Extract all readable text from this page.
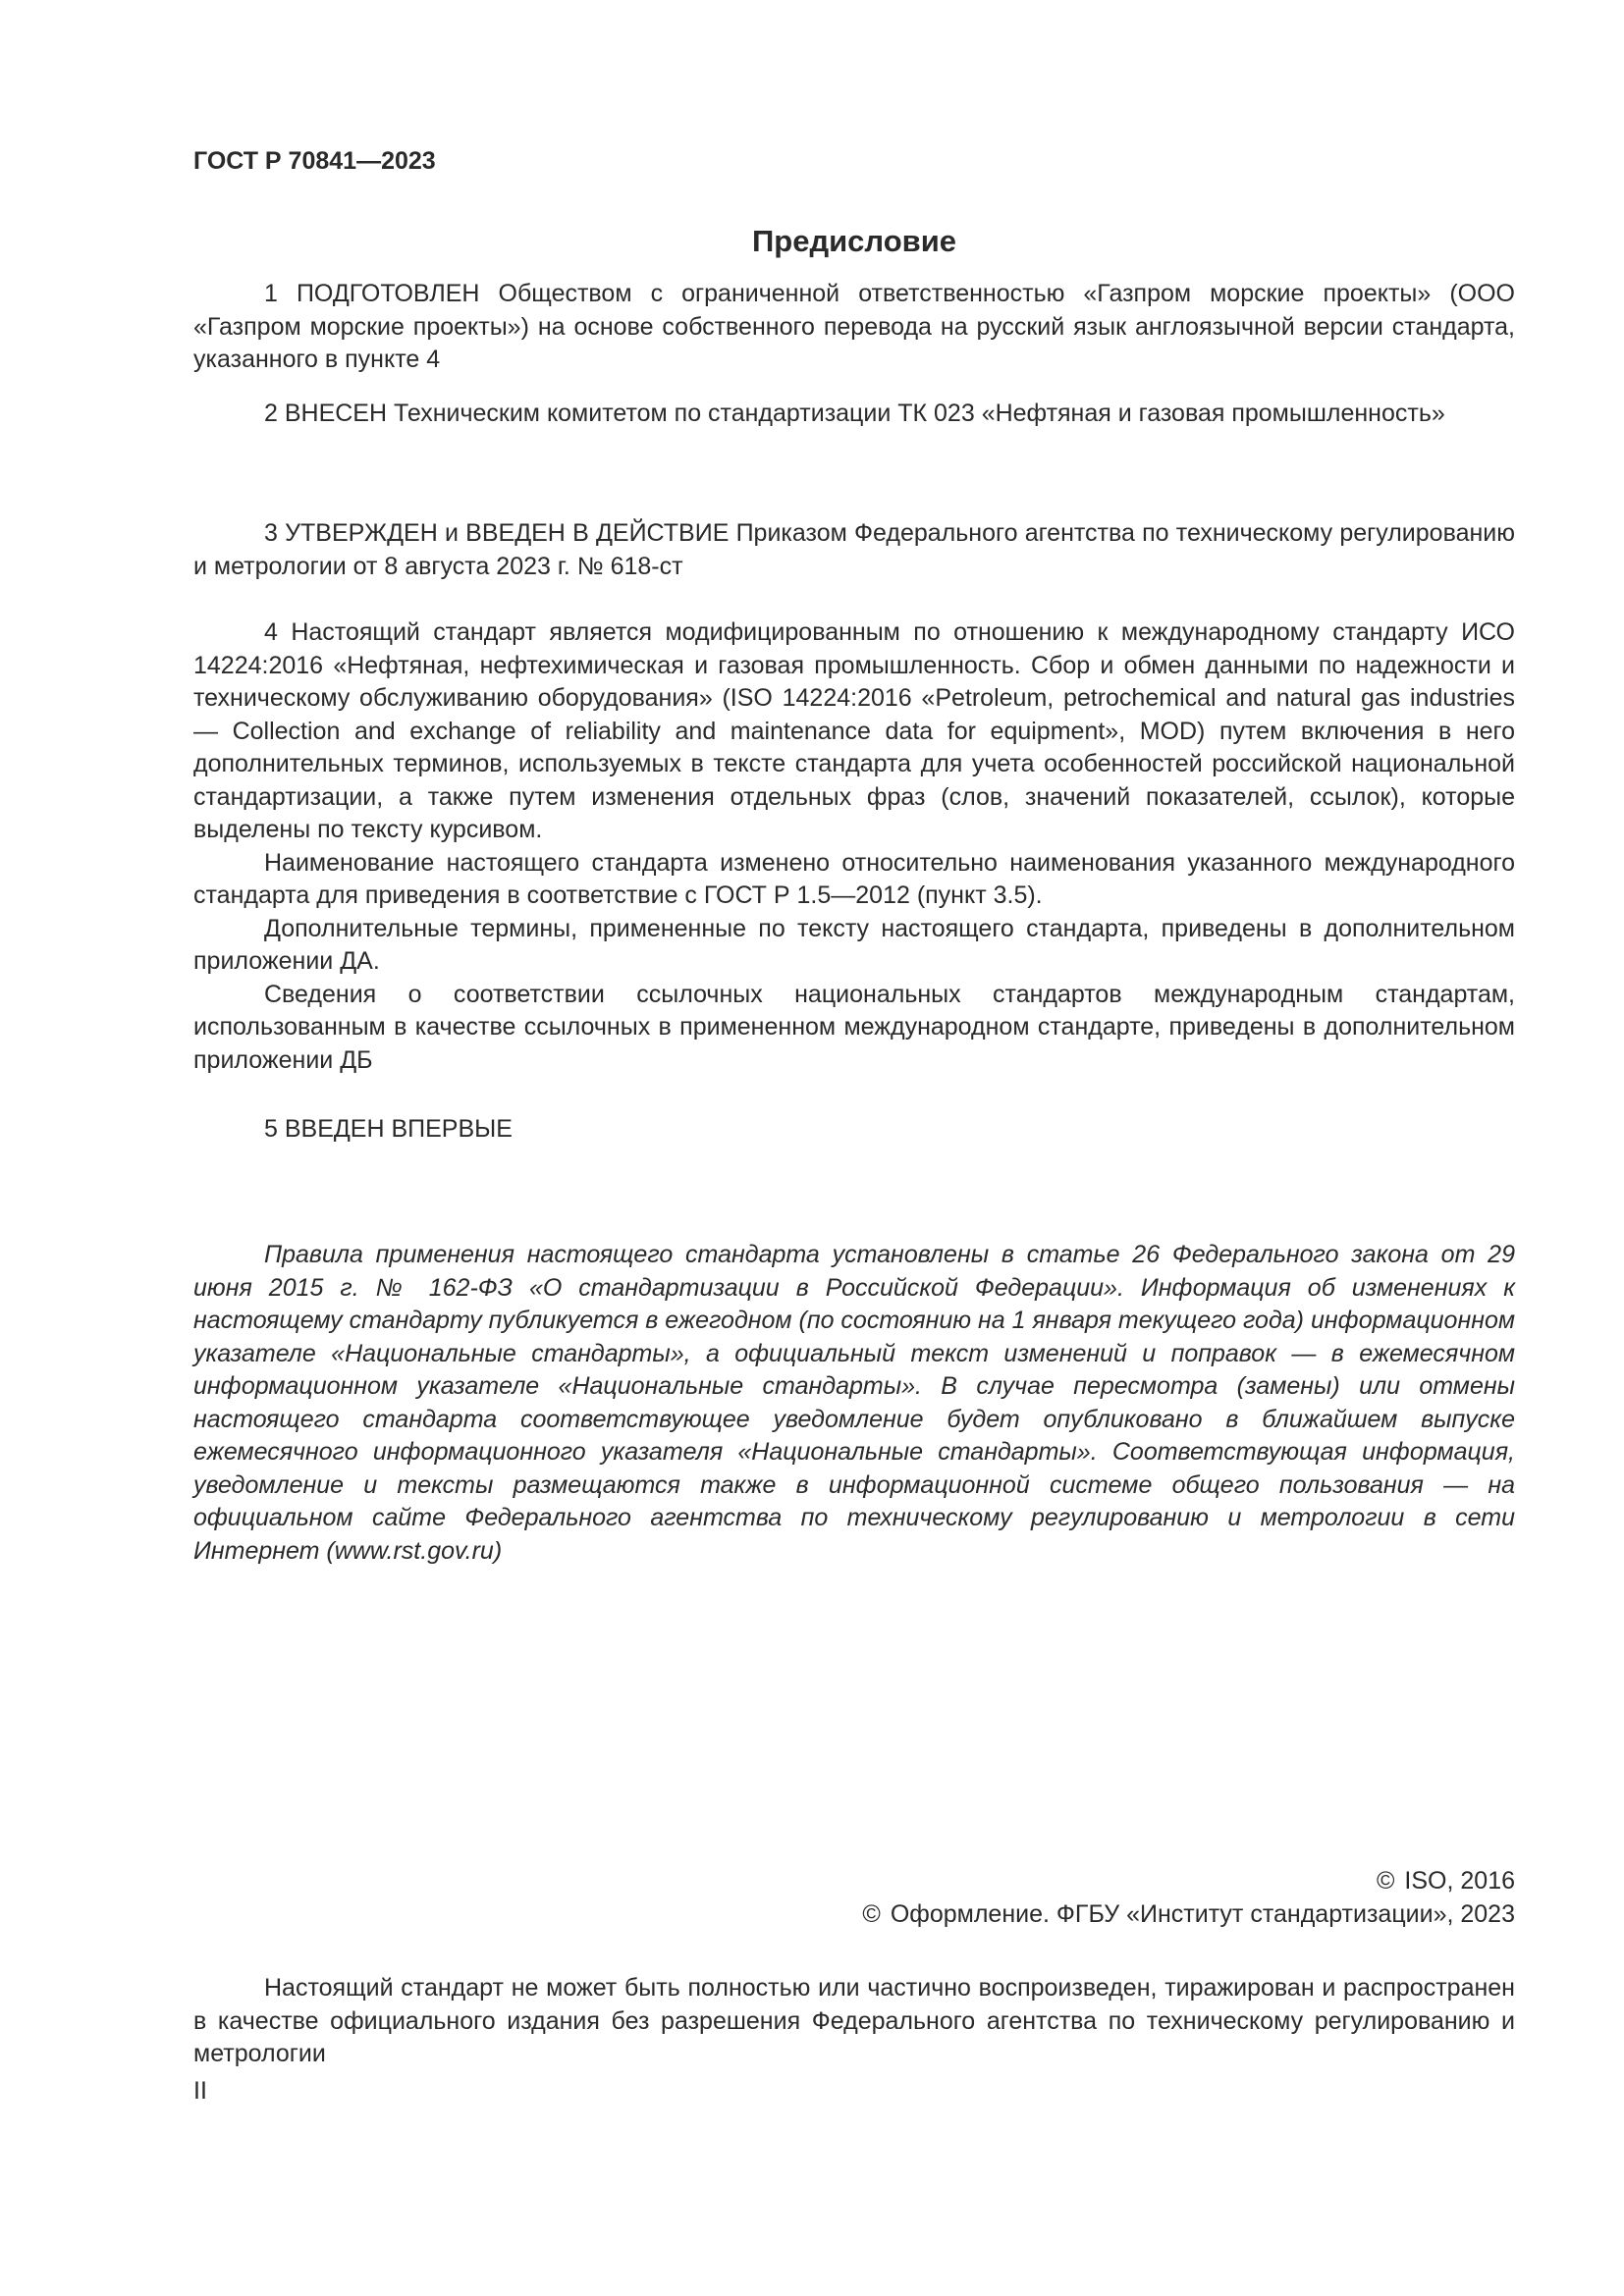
ГОСТ Р 70841—2023

Предисловие

1 ПОДГОТОВЛЕН Обществом с ограниченной ответственностью «Газпром морские проекты» (ООО «Газпром морские проекты») на основе собственного перевода на русский язык англоязычной версии стандарта, указанного в пункте 4

2 ВНЕСЕН Техническим комитетом по стандартизации ТК 023 «Нефтяная и газовая промышленность»

3 УТВЕРЖДЕН и ВВЕДЕН В ДЕЙСТВИЕ Приказом Федерального агентства по техническому регулированию и метрологии от 8 августа 2023 г. № 618-ст

4 Настоящий стандарт является модифицированным по отношению к международному стандарту ИСО 14224:2016 «Нефтяная, нефтехимическая и газовая промышленность. Сбор и обмен данными по надежности и техническому обслуживанию оборудования» (ISO 14224:2016 «Petroleum, petrochemical and natural gas industries — Collection and exchange of reliability and maintenance data for equipment», MOD) путем включения в него дополнительных терминов, используемых в тексте стандарта для учета особенностей российской национальной стандартизации, а также путем изменения отдельных фраз (слов, значений показателей, ссылок), которые выделены по тексту курсивом.

Наименование настоящего стандарта изменено относительно наименования указанного международного стандарта для приведения в соответствие с ГОСТ Р 1.5—2012 (пункт 3.5).

Дополнительные термины, примененные по тексту настоящего стандарта, приведены в дополнительном приложении ДА.

Сведения о соответствии ссылочных национальных стандартов международным стандартам, использованным в качестве ссылочных в примененном международном стандарте, приведены в дополнительном приложении ДБ

5 ВВЕДЕН ВПЕРВЫЕ

Правила применения настоящего стандарта установлены в статье 26 Федерального закона от 29 июня 2015 г. № 162-ФЗ «О стандартизации в Российской Федерации». Информация об изменениях к настоящему стандарту публикуется в ежегодном (по состоянию на 1 января текущего года) информационном указателе «Национальные стандарты», а официальный текст изменений и поправок — в ежемесячном информационном указателе «Национальные стандарты». В случае пересмотра (замены) или отмены настоящего стандарта соответствующее уведомление будет опубликовано в ближайшем выпуске ежемесячного информационного указателя «Национальные стандарты». Соответствующая информация, уведомление и тексты размещаются также в информационной системе общего пользования — на официальном сайте Федерального агентства по техническому регулированию и метрологии в сети Интернет (www.rst.gov.ru)

© ISO, 2016
© Оформление. ФГБУ «Институт стандартизации», 2023

Настоящий стандарт не может быть полностью или частично воспроизведен, тиражирован и распространен в качестве официального издания без разрешения Федерального агентства по техническому регулированию и метрологии

II
